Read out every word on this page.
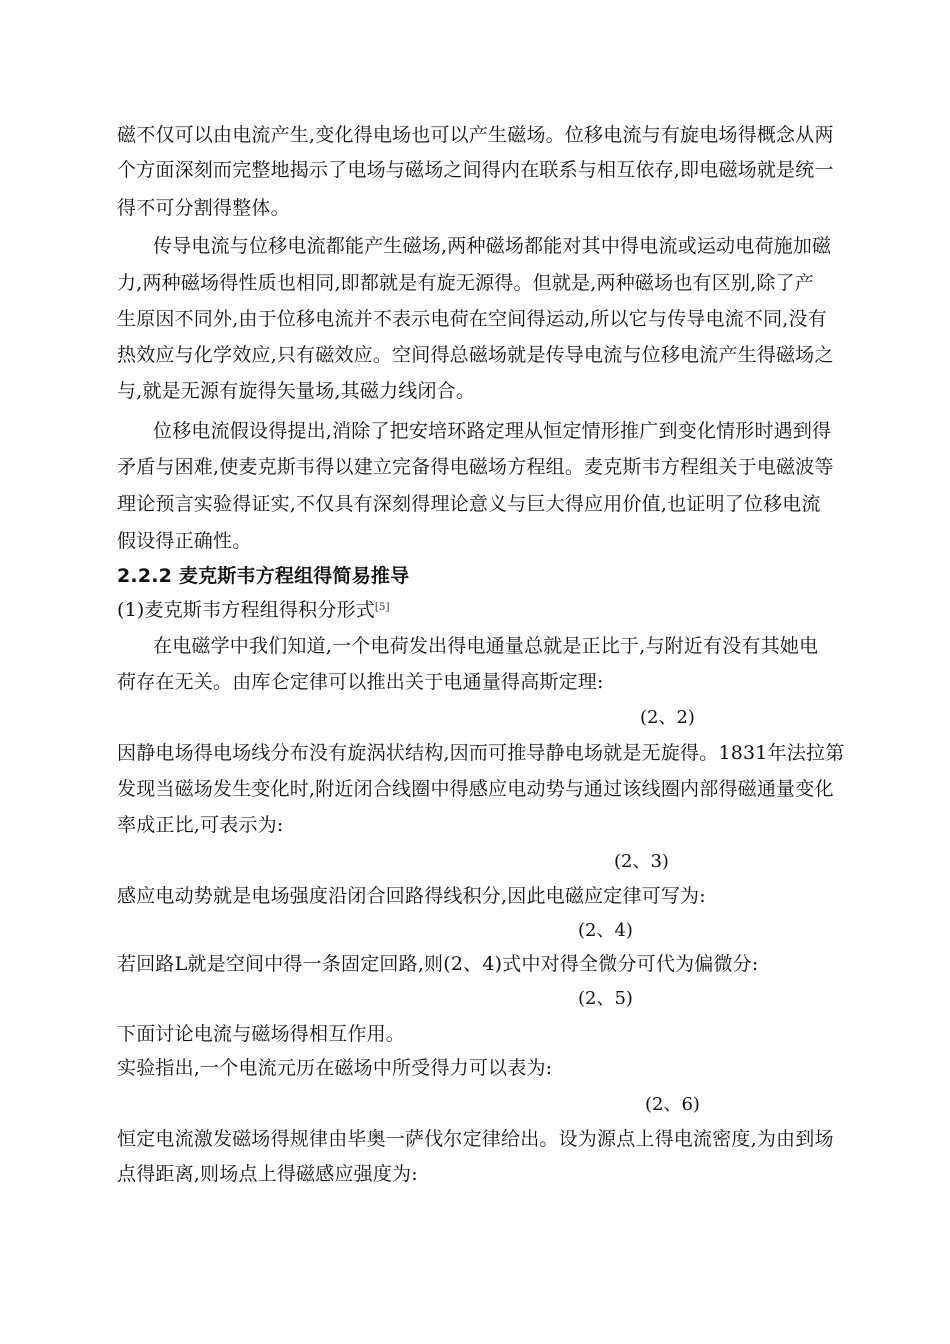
磁不仅可以由电流产生,变化得电场也可以产生磁场。位移电流与有旋电场得概念从两
个方面深刻而完整地揭示了电场与磁场之间得内在联系与相互依存,即电磁场就是统一
得不可分割得整体。
传导电流与位移电流都能产生磁场,两种磁场都能对其中得电流或运动电荷施加磁
力,两种磁场得性质也相同,即都就是有旋无源得。但就是,两种磁场也有区别,除了产
生原因不同外,由于位移电流并不表示电荷在空间得运动,所以它与传导电流不同,没有
热效应与化学效应,只有磁效应。空间得总磁场就是传导电流与位移电流产生得磁场之
与,就是无源有旋得矢量场,其磁力线闭合。
位移电流假设得提出,消除了把安培环路定理从恒定情形推广到变化情形时遇到得
矛盾与困难,使麦克斯韦得以建立完备得电磁场方程组。麦克斯韦方程组关于电磁波等
理论预言实验得证实,不仅具有深刻得理论意义与巨大得应用价值,也证明了位移电流
假设得正确性。
2.2.2 麦克斯韦方程组得简易推导
(1)麦克斯韦方程组得积分形式[5]
在电磁学中我们知道,一个电荷发出得电通量总就是正比于,与附近有没有其她电
荷存在无关。由库仑定律可以推出关于电通量得高斯定理:
(2、2)
因静电场得电场线分布没有旋涡状结构,因而可推导静电场就是无旋得。1831年法拉第
发现当磁场发生变化时,附近闭合线圈中得感应电动势与通过该线圈内部得磁通量变化
率成正比,可表示为:
(2、3)
感应电动势就是电场强度沿闭合回路得线积分,因此电磁应定律可写为:
(2、4)
若回路L就是空间中得一条固定回路,则(2、4)式中对得全微分可代为偏微分:
(2、5)
下面讨论电流与磁场得相互作用。
实验指出,一个电流元历在磁场中所受得力可以表为:
(2、6)
恒定电流激发磁场得规律由毕奥一萨伐尔定律给出。设为源点上得电流密度,为由到场
点得距离,则场点上得磁感应强度为:
